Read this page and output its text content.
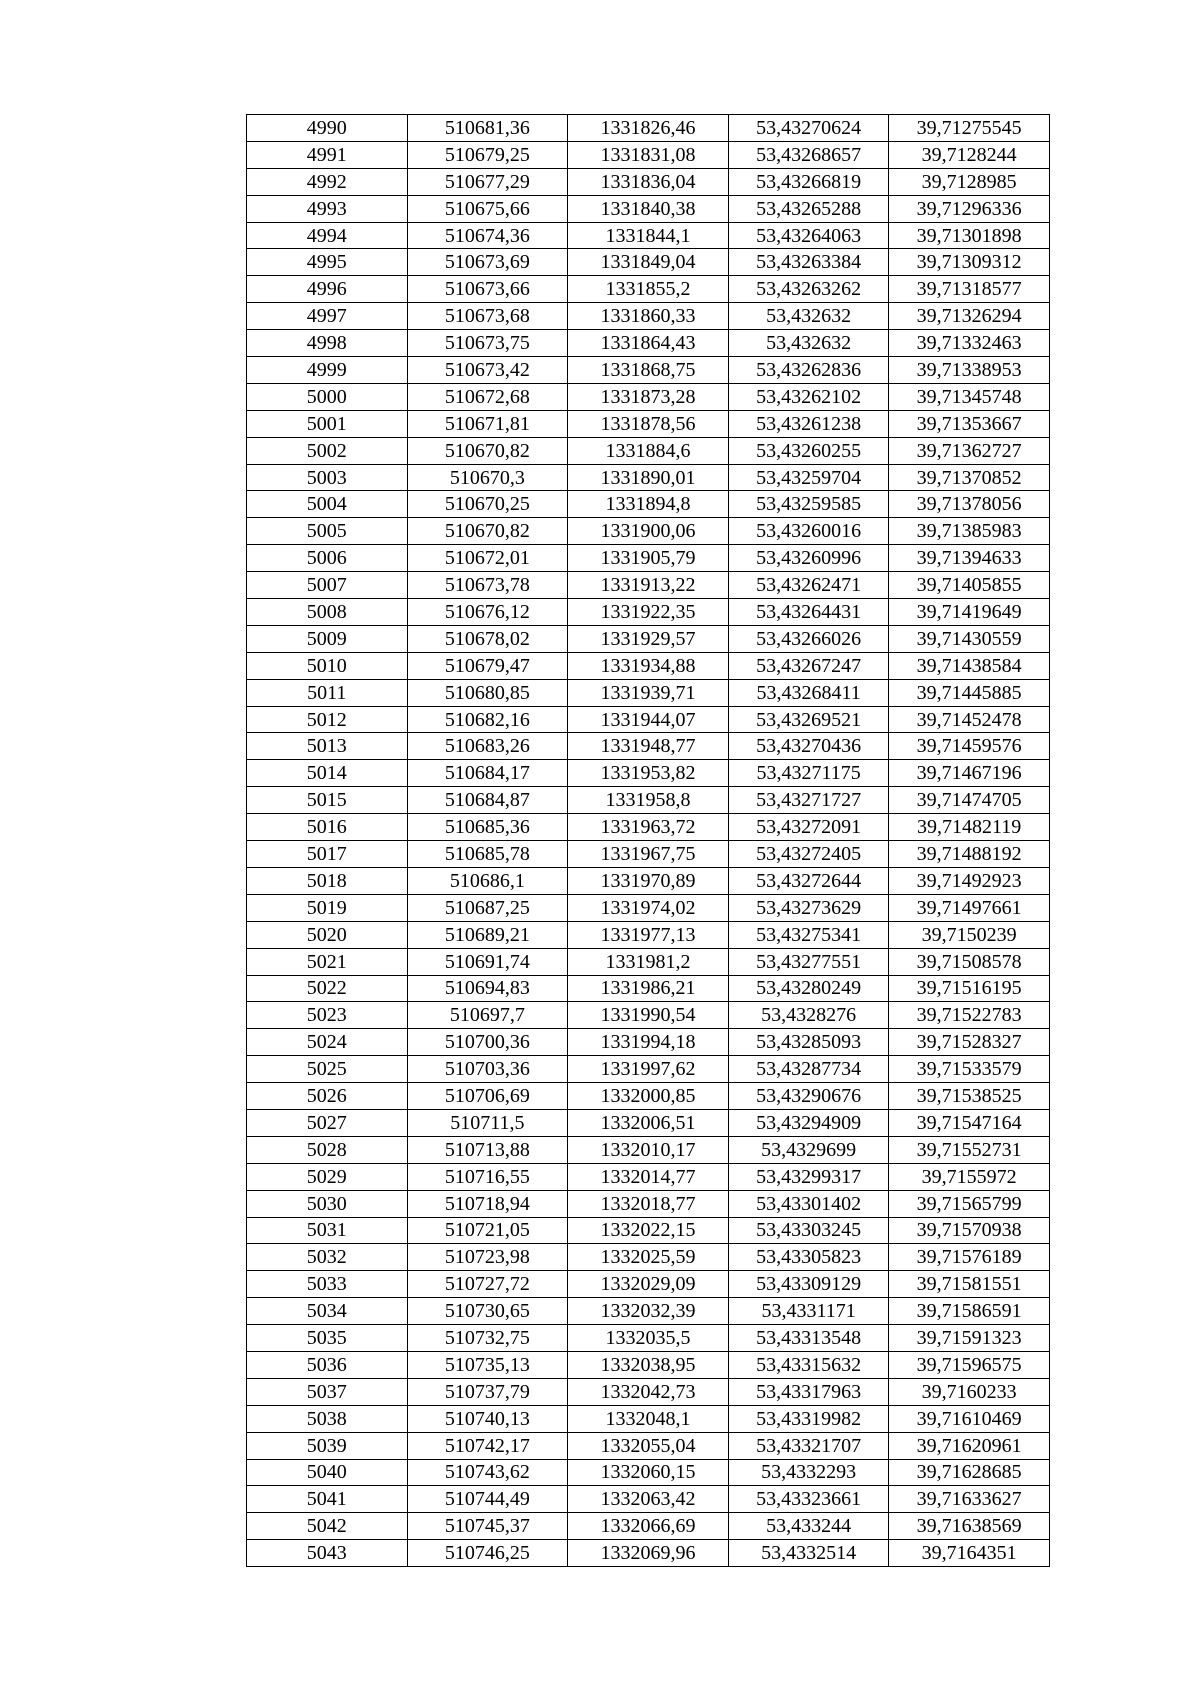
4990	510681,36	1331826,46	53,43270624	39,71275545
4991	510679,25	1331831,08	53,43268657	39,7128244
4992	510677,29	1331836,04	53,43266819	39,7128985
4993	510675,66	1331840,38	53,43265288	39,71296336
4994	510674,36	1331844,1	53,43264063	39,71301898
4995	510673,69	1331849,04	53,43263384	39,71309312
4996	510673,66	1331855,2	53,43263262	39,71318577
4997	510673,68	1331860,33	53,432632	39,71326294
4998	510673,75	1331864,43	53,432632	39,71332463
4999	510673,42	1331868,75	53,43262836	39,71338953
5000	510672,68	1331873,28	53,43262102	39,71345748
5001	510671,81	1331878,56	53,43261238	39,71353667
5002	510670,82	1331884,6	53,43260255	39,71362727
5003	510670,3	1331890,01	53,43259704	39,71370852
5004	510670,25	1331894,8	53,43259585	39,71378056
5005	510670,82	1331900,06	53,43260016	39,71385983
5006	510672,01	1331905,79	53,43260996	39,71394633
5007	510673,78	1331913,22	53,43262471	39,71405855
5008	510676,12	1331922,35	53,43264431	39,71419649
5009	510678,02	1331929,57	53,43266026	39,71430559
5010	510679,47	1331934,88	53,43267247	39,71438584
5011	510680,85	1331939,71	53,43268411	39,71445885
5012	510682,16	1331944,07	53,43269521	39,71452478
5013	510683,26	1331948,77	53,43270436	39,71459576
5014	510684,17	1331953,82	53,43271175	39,71467196
5015	510684,87	1331958,8	53,43271727	39,71474705
5016	510685,36	1331963,72	53,43272091	39,71482119
5017	510685,78	1331967,75	53,43272405	39,71488192
5018	510686,1	1331970,89	53,43272644	39,71492923
5019	510687,25	1331974,02	53,43273629	39,71497661
5020	510689,21	1331977,13	53,43275341	39,7150239
5021	510691,74	1331981,2	53,43277551	39,71508578
5022	510694,83	1331986,21	53,43280249	39,71516195
5023	510697,7	1331990,54	53,4328276	39,71522783
5024	510700,36	1331994,18	53,43285093	39,71528327
5025	510703,36	1331997,62	53,43287734	39,71533579
5026	510706,69	1332000,85	53,43290676	39,71538525
5027	510711,5	1332006,51	53,43294909	39,71547164
5028	510713,88	1332010,17	53,4329699	39,71552731
5029	510716,55	1332014,77	53,43299317	39,7155972
5030	510718,94	1332018,77	53,43301402	39,71565799
5031	510721,05	1332022,15	53,43303245	39,71570938
5032	510723,98	1332025,59	53,43305823	39,71576189
5033	510727,72	1332029,09	53,43309129	39,71581551
5034	510730,65	1332032,39	53,4331171	39,71586591
5035	510732,75	1332035,5	53,43313548	39,71591323
5036	510735,13	1332038,95	53,43315632	39,71596575
5037	510737,79	1332042,73	53,43317963	39,7160233
5038	510740,13	1332048,1	53,43319982	39,71610469
5039	510742,17	1332055,04	53,43321707	39,71620961
5040	510743,62	1332060,15	53,4332293	39,71628685
5041	510744,49	1332063,42	53,43323661	39,71633627
5042	510745,37	1332066,69	53,433244	39,71638569
5043	510746,25	1332069,96	53,4332514	39,7164351
